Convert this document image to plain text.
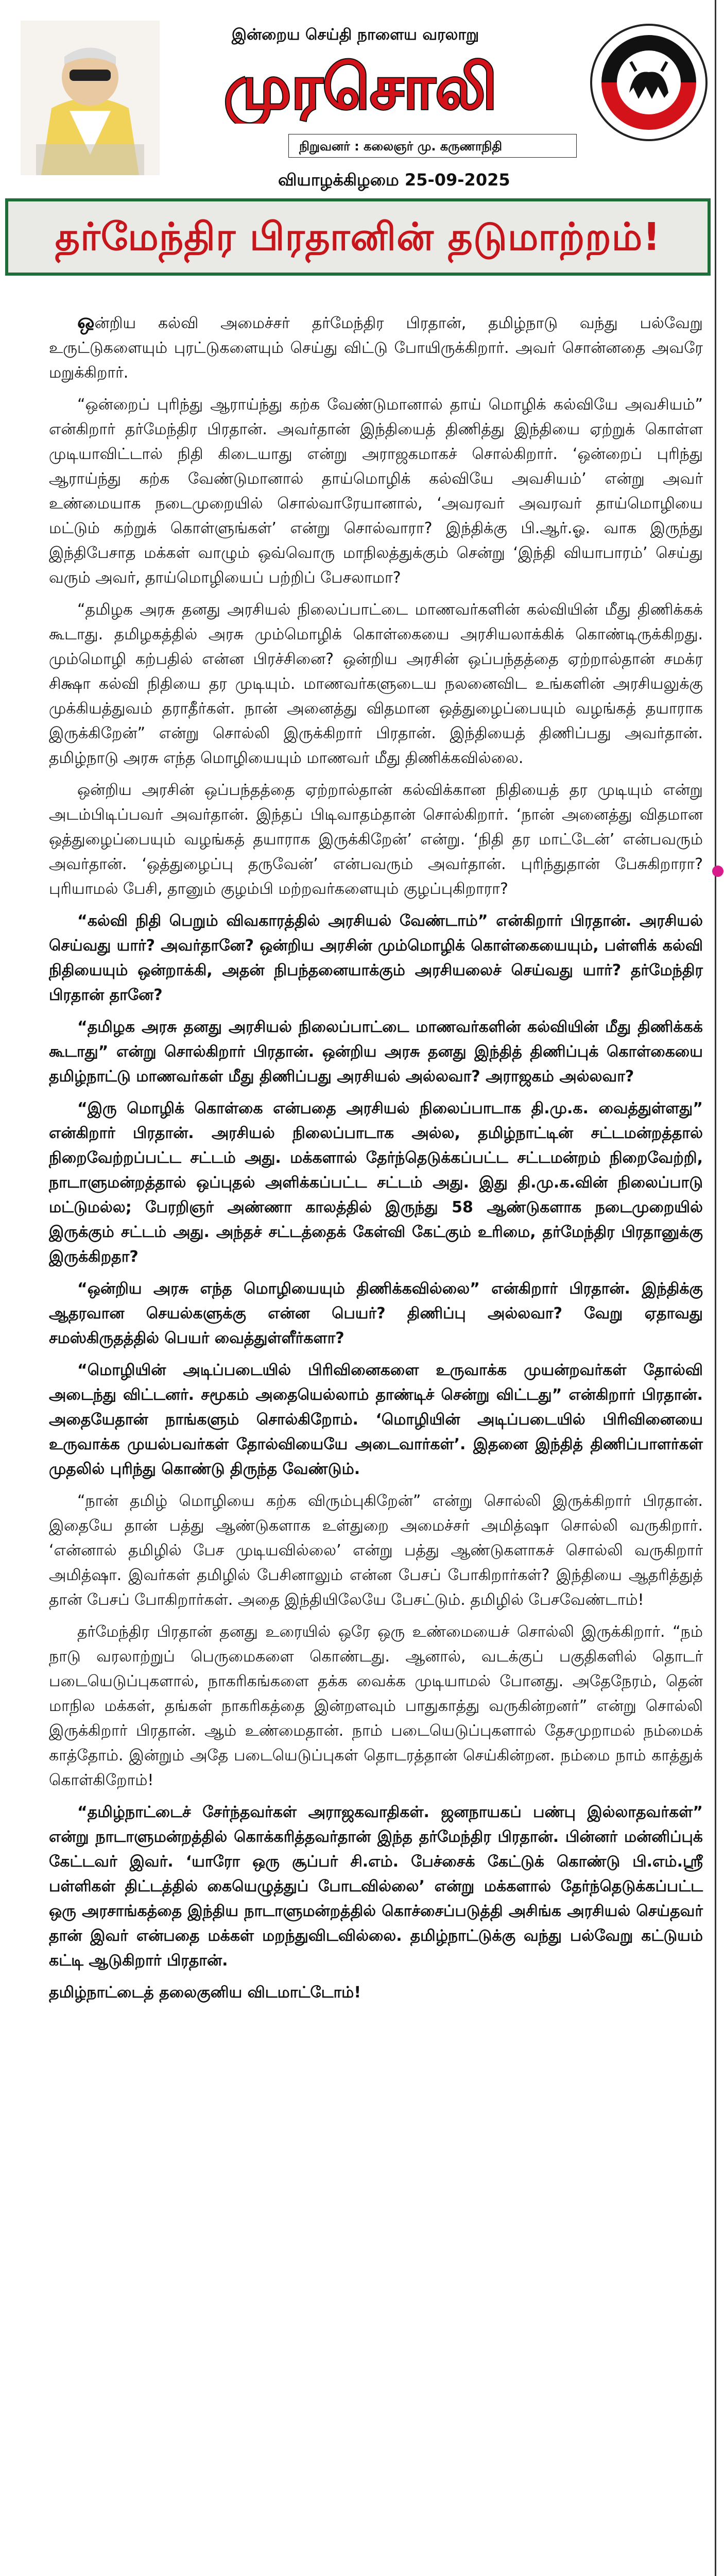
இன்றைய செய்தி நாளைய வரலாறு
முரசொலி
நிறுவனர் : கலைஞர் மு. கருணாநிதி
வியாழக்கிழமை 25-09-2025
தர்மேந்திர பிரதானின் தடுமாற்றம்!

ஒன்றிய கல்வி அமைச்சர் தர்மேந்திர பிரதான், தமிழ்நாடு வந்து பல்வேறு உருட்டுகளையும் புரட்டுகளையும் செய்து விட்டு போயிருக்கிறார். அவர் சொன்னதை அவரே மறுக்கிறார்.

“ஒன்றைப் புரிந்து ஆராய்ந்து கற்க வேண்டுமானால் தாய் மொழிக் கல்வியே அவசியம்” என்கிறார் தர்மேந்திர பிரதான். அவர்தான் இந்தியைத் திணித்து இந்தியை ஏற்றுக் கொள்ள முடியாவிட்டால் நிதி கிடையாது என்று அராஜகமாகச் சொல்கிறார். ‘ஒன்றைப் புரிந்து ஆராய்ந்து கற்க வேண்டுமானால் தாய்மொழிக் கல்வியே அவசியம்’ என்று அவர் உண்மையாக நடைமுறையில் சொல்வாரேயானால், ‘அவரவர் அவரவர் தாய்மொழியை மட்டும் கற்றுக் கொள்ளுங்கள்’ என்று சொல்வாரா? இந்திக்கு பி.ஆர்.ஓ. வாக இருந்து இந்திபேசாத மக்கள் வாழும் ஒவ்வொரு மாநிலத்துக்கும் சென்று ‘இந்தி வியாபாரம்’ செய்து வரும் அவர், தாய்மொழியைப் பற்றிப் பேசலாமா?

“தமிழக அரசு தனது அரசியல் நிலைப்பாட்டை மாணவர்களின் கல்வியின் மீது திணிக்கக் கூடாது. தமிழகத்தில் அரசு மும்மொழிக் கொள்கையை அரசியலாக்கிக் கொண்டிருக்கிறது. மும்மொழி கற்பதில் என்ன பிரச்சினை? ஒன்றிய அரசின் ஒப்பந்தத்தை ஏற்றால்தான் சமக்ர சிக்ஷா கல்வி நிதியை தர முடியும். மாணவர்களுடைய நலனைவிட உங்களின் அரசியலுக்கு முக்கியத்துவம் தராதீர்கள். நான் அனைத்து விதமான ஒத்துழைப்பையும் வழங்கத் தயாராக இருக்கிறேன்” என்று சொல்லி இருக்கிறார் பிரதான். இந்தியைத் திணிப்பது அவர்தான். தமிழ்நாடு அரசு எந்த மொழியையும் மாணவர் மீது திணிக்கவில்லை.

ஒன்றிய அரசின் ஒப்பந்தத்தை ஏற்றால்தான் கல்விக்கான நிதியைத் தர முடியும் என்று அடம்பிடிப்பவர் அவர்தான். இந்தப் பிடிவாதம்தான் சொல்கிறார். ‘நான் அனைத்து விதமான ஒத்துழைப்பையும் வழங்கத் தயாராக இருக்கிறேன்’ என்று. ‘நிதி தர மாட்டேன்’ என்பவரும் அவர்தான். ‘ஒத்துழைப்பு தருவேன்’ என்பவரும் அவர்தான். புரிந்துதான் பேசுகிறாரா? புரியாமல் பேசி, தானும் குழம்பி மற்றவர்களையும் குழப்புகிறாரா?

“கல்வி நிதி பெறும் விவகாரத்தில் அரசியல் வேண்டாம்” என்கிறார் பிரதான். அரசியல் செய்வது யார்? அவர்தானே? ஒன்றிய அரசின் மும்மொழிக் கொள்கையையும், பள்ளிக் கல்வி நிதியையும் ஒன்றாக்கி, அதன் நிபந்தனையாக்கும் அரசியலைச் செய்வது யார்? தர்மேந்திர பிரதான் தானே?

“தமிழக அரசு தனது அரசியல் நிலைப்பாட்டை மாணவர்களின் கல்வியின் மீது திணிக்கக் கூடாது” என்று சொல்கிறார் பிரதான். ஒன்றிய அரசு தனது இந்தித் திணிப்புக் கொள்கையை தமிழ்நாட்டு மாணவர்கள் மீது திணிப்பது அரசியல் அல்லவா? அராஜகம் அல்லவா?

“இரு மொழிக் கொள்கை என்பதை அரசியல் நிலைப்பாடாக தி.மு.க. வைத்துள்ளது” என்கிறார் பிரதான். அரசியல் நிலைப்பாடாக அல்ல, தமிழ்நாட்டின் சட்டமன்றத்தால் நிறைவேற்றப்பட்ட சட்டம் அது. மக்களால் தேர்ந்தெடுக்கப்பட்ட சட்டமன்றம் நிறைவேற்றி, நாடாளுமன்றத்தால் ஒப்புதல் அளிக்கப்பட்ட சட்டம் அது. இது தி.மு.க.வின் நிலைப்பாடு மட்டுமல்ல; பேரறிஞர் அண்ணா காலத்தில் இருந்து 58 ஆண்டுகளாக நடைமுறையில் இருக்கும் சட்டம் அது. அந்தச் சட்டத்தைக் கேள்வி கேட்கும் உரிமை, தர்மேந்திர பிரதானுக்கு இருக்கிறதா?

“ஒன்றிய அரசு எந்த மொழியையும் திணிக்கவில்லை” என்கிறார் பிரதான். இந்திக்கு ஆதரவான செயல்களுக்கு என்ன பெயர்? திணிப்பு அல்லவா? வேறு ஏதாவது சமஸ்கிருதத்தில் பெயர் வைத்துள்ளீர்களா?

“மொழியின் அடிப்படையில் பிரிவினைகளை உருவாக்க முயன்றவர்கள் தோல்வி அடைந்து விட்டனர். சமூகம் அதையெல்லாம் தாண்டிச் சென்று விட்டது” என்கிறார் பிரதான். அதையேதான் நாங்களும் சொல்கிறோம். ‘மொழியின் அடிப்படையில் பிரிவினையை உருவாக்க முயல்பவர்கள் தோல்வியையே அடைவார்கள்’. இதனை இந்தித் திணிப்பாளர்கள் முதலில் புரிந்து கொண்டு திருந்த வேண்டும்.

“நான் தமிழ் மொழியை கற்க விரும்புகிறேன்” என்று சொல்லி இருக்கிறார் பிரதான். இதையே தான் பத்து ஆண்டுகளாக உள்துறை அமைச்சர் அமித்ஷா சொல்லி வருகிறார். ‘என்னால் தமிழில் பேச முடியவில்லை’ என்று பத்து ஆண்டுகளாகச் சொல்லி வருகிறார் அமித்ஷா. இவர்கள் தமிழில் பேசினாலும் என்ன பேசப் போகிறார்கள்? இந்தியை ஆதரித்துத் தான் பேசப் போகிறார்கள். அதை இந்தியிலேயே பேசட்டும். தமிழில் பேசவேண்டாம்!

தர்மேந்திர பிரதான் தனது உரையில் ஒரே ஒரு உண்மையைச் சொல்லி இருக்கிறார். “நம் நாடு வரலாற்றுப் பெருமைகளை கொண்டது. ஆனால், வடக்குப் பகுதிகளில் தொடர் படையெடுப்புகளால், நாகரிகங்களை தக்க வைக்க முடியாமல் போனது. அதேநேரம், தென் மாநில மக்கள், தங்கள் நாகரிகத்தை இன்றளவும் பாதுகாத்து வருகின்றனர்” என்று சொல்லி இருக்கிறார் பிரதான். ஆம் உண்மைதான். நாம் படையெடுப்புகளால் தேசமுறாமல் நம்மைக் காத்தோம். இன்றும் அதே படையெடுப்புகள் தொடரத்தான் செய்கின்றன. நம்மை நாம் காத்துக் கொள்கிறோம்!

“தமிழ்நாட்டைச் சேர்ந்தவர்கள் அராஜகவாதிகள். ஜனநாயகப் பண்பு இல்லாதவர்கள்” என்று நாடாளுமன்றத்தில் கொக்கரித்தவர்தான் இந்த தர்மேந்திர பிரதான். பின்னர் மன்னிப்புக் கேட்டவர் இவர். ‘யாரோ ஒரு சூப்பர் சி.எம். பேச்சைக் கேட்டுக் கொண்டு பி.எம்.ஸ்ரீ பள்ளிகள் திட்டத்தில் கையெழுத்துப் போடவில்லை’ என்று மக்களால் தேர்ந்தெடுக்கப்பட்ட ஒரு அரசாங்கத்தை இந்திய நாடாளுமன்றத்தில் கொச்சைப்படுத்தி அசிங்க அரசியல் செய்தவர் தான் இவர் என்பதை மக்கள் மறந்துவிடவில்லை. தமிழ்நாட்டுக்கு வந்து பல்வேறு கட்டுயம் கட்டி ஆடுகிறார் பிரதான்.

தமிழ்நாட்டைத் தலைகுனிய விடமாட்டோம்!
